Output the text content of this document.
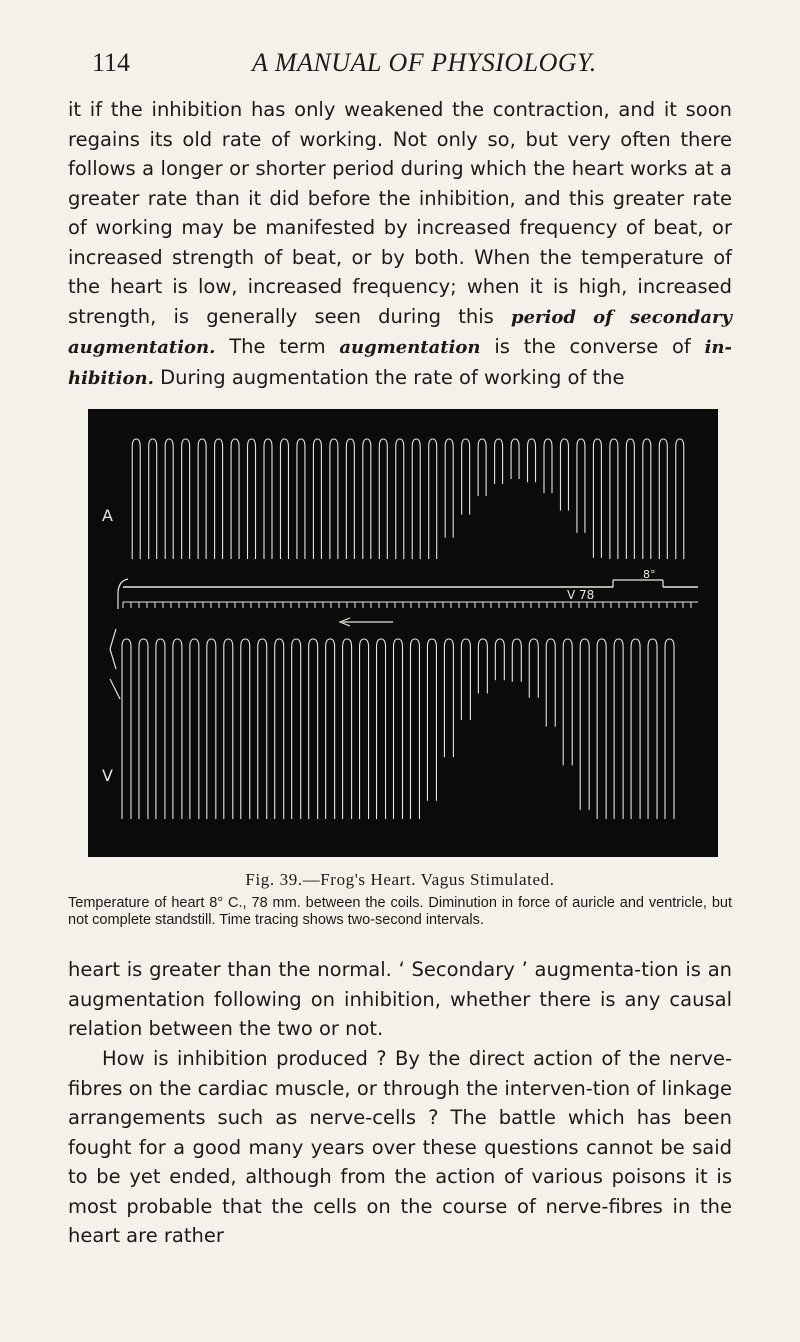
114	A MANUAL OF PHYSIOLOGY.

it if the inhibition has only weakened the contraction, and it soon regains its old rate of working. Not only so, but very often there follows a longer or shorter period during which the heart works at a greater rate than it did before the inhibition, and this greater rate of working may be manifested by increased frequency of beat, or increased strength of beat, or by both. When the temperature of the heart is low, increased frequency; when it is high, increased strength, is generally seen during this period of secondary augmentation. The term augmentation is the converse of in-hibition. During augmentation the rate of working of the

A
V
V 78
8°
Fig. 39.—Frog's Heart. Vagus Stimulated.

Temperature of heart 8° C., 78 mm. between the coils. Diminution in force of auricle and ventricle, but not complete standstill. Time tracing shows two-second intervals.

heart is greater than the normal. ‘ Secondary ’ augmenta-tion is an augmentation following on inhibition, whether there is any causal relation between the two or not.

How is inhibition produced ? By the direct action of the nerve-fibres on the cardiac muscle, or through the interven-tion of linkage arrangements such as nerve-cells ? The battle which has been fought for a good many years over these questions cannot be said to be yet ended, although from the action of various poisons it is most probable that the cells on the course of nerve-fibres in the heart are rather
